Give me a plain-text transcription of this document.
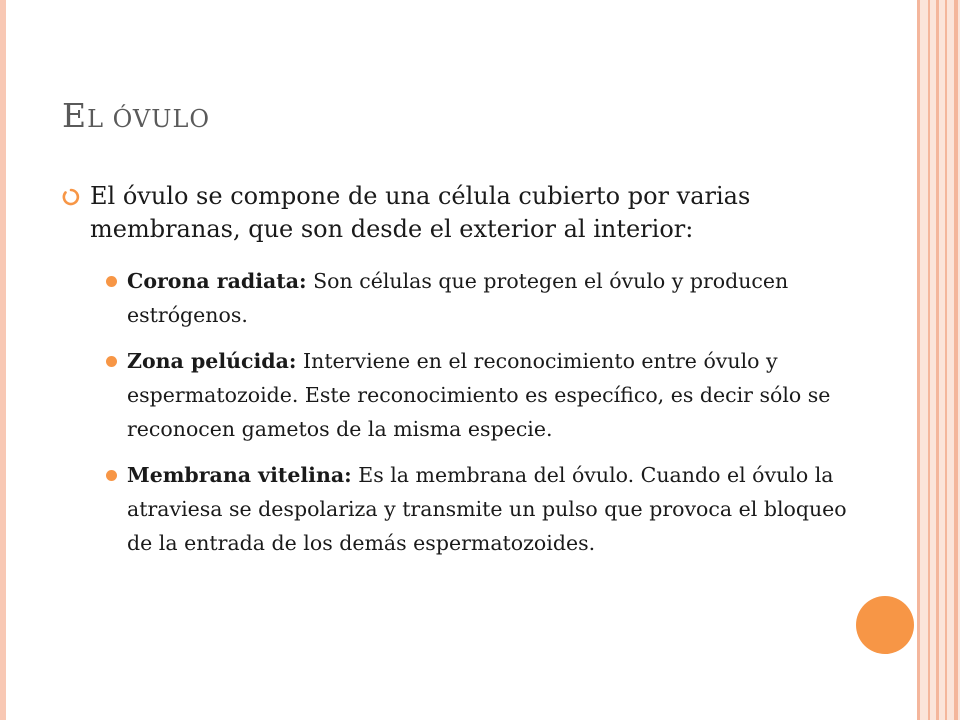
EL ÓVULO
El óvulo se compone de una célula cubierto por varias membranas, que son desde el exterior al interior:
Corona radiata: Son células que protegen el óvulo y producen estrógenos.
Zona pelúcida: Interviene en el reconocimiento entre óvulo y espermatozoide. Este reconocimiento es específico, es decir sólo se reconocen gametos de la misma especie.
Membrana vitelina: Es la membrana del óvulo. Cuando el óvulo la atraviesa se despolariza y transmite un pulso que provoca el bloqueo de la entrada de los demás espermatozoides.
